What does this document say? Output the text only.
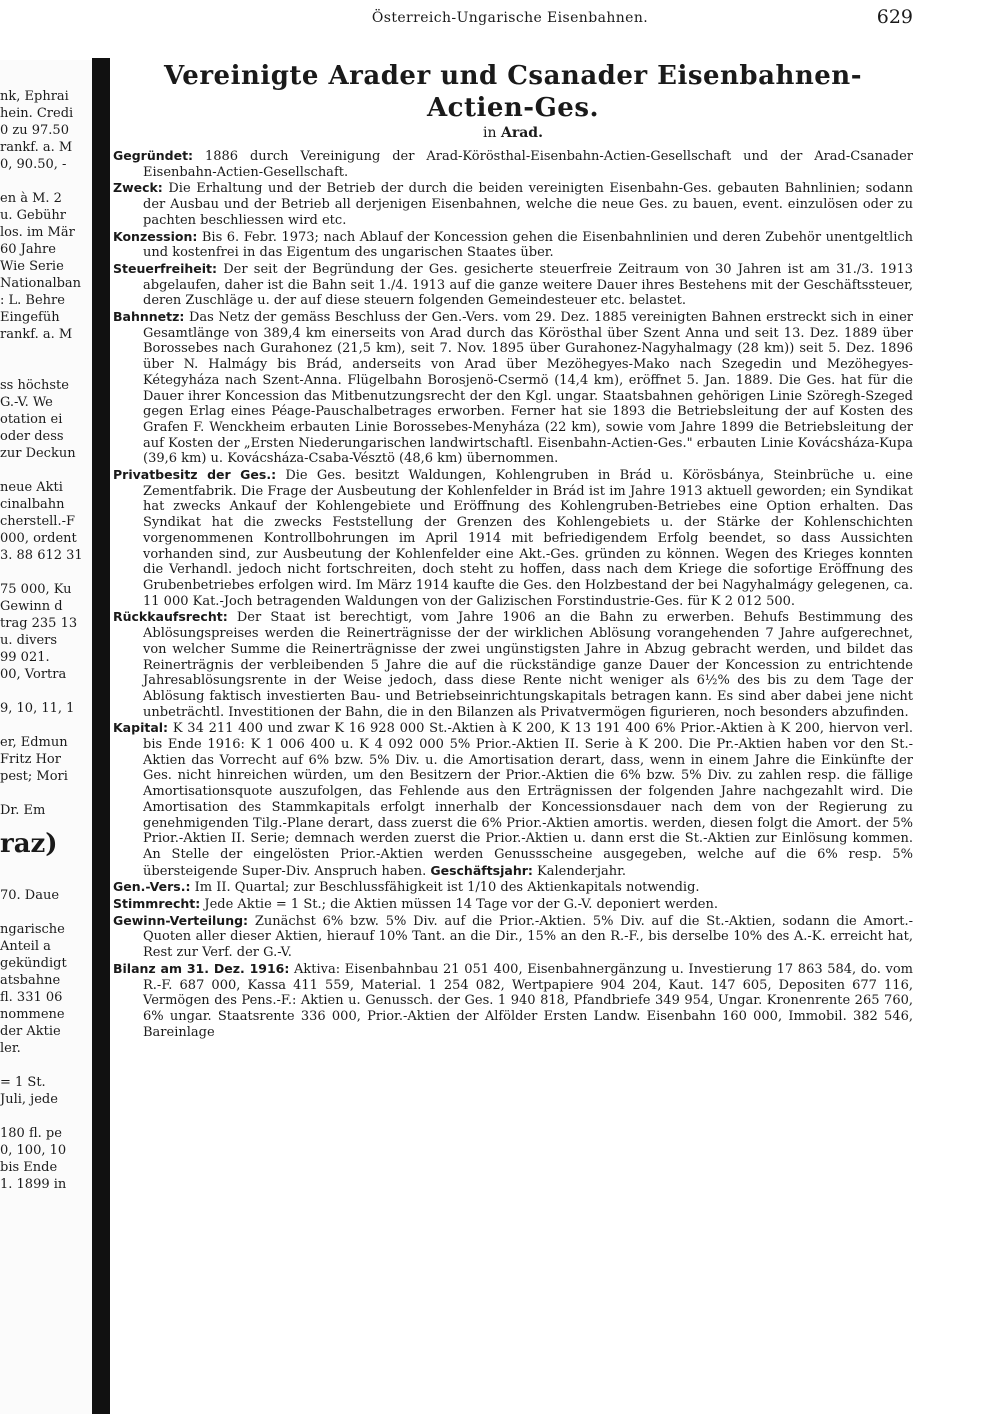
Österreich-Ungarische Eisenbahnen.	629
nk, Ephrai
hein. Credi
0 zu 97.50
rankf. a. M
0, 90.50, -
en à M. 2
u. Gebühr
los. im Mär
60 Jahre
Wie Serie
Nationalban
: L. Behre
Eingefüh
rankf. a. M
ss höchste
G.-V. We
otation ei
oder dess
zur Deckun
neue Akti
cinalbahn
cherstell.-F
000, ordent
3. 88 612 31
75 000, Ku
Gewinn d
trag 235 13
u. divers
99 021.
00, Vortra
9, 10, 11, 1
er, Edmun
Fritz Hor
pest; Mori
Dr. Em
raz)
70. Daue
ngarische
Anteil a
gekündigt
atsbahne
fl. 331 06
nommene
der Aktie
ler.
= 1 St.
Juli, jede
180 fl. pe
0, 100, 10
bis Ende
1. 1899 in
Vereinigte Arader und Csanader Eisenbahnen-Actien-Ges.

in Arad.

Gegründet: 1886 durch Vereinigung der Arad-Körösthal-Eisenbahn-Actien-Gesellschaft und der Arad-Csanader Eisenbahn-Actien-Gesellschaft.

Zweck: Die Erhaltung und der Betrieb der durch die beiden vereinigten Eisenbahn-Ges. gebauten Bahnlinien; sodann der Ausbau und der Betrieb all derjenigen Eisenbahnen, welche die neue Ges. zu bauen, event. einzulösen oder zu pachten beschliessen wird etc.

Konzession: Bis 6. Febr. 1973; nach Ablauf der Koncession gehen die Eisenbahnlinien und deren Zubehör unentgeltlich und kostenfrei in das Eigentum des ungarischen Staates über.

Steuerfreiheit: Der seit der Begründung der Ges. gesicherte steuerfreie Zeitraum von 30 Jahren ist am 31./3. 1913 abgelaufen, daher ist die Bahn seit 1./4. 1913 auf die ganze weitere Dauer ihres Bestehens mit der Geschäftssteuer, deren Zuschläge u. der auf diese steuern folgenden Gemeindesteuer etc. belastet.

Bahnnetz: Das Netz der gemäss Beschluss der Gen.-Vers. vom 29. Dez. 1885 vereinigten Bahnen erstreckt sich in einer Gesamtlänge von 389,4 km einerseits von Arad durch das Körösthal über Szent Anna und seit 13. Dez. 1889 über Borossebes nach Gurahonez (21,5 km), seit 7. Nov. 1895 über Gurahonez-Nagyhalmagy (28 km)) seit 5. Dez. 1896 über N. Halmágy bis Brád, anderseits von Arad über Mezöhegyes-Mako nach Szegedin und Mezöhegyes-Kétegyháza nach Szent-Anna. Flügelbahn Borosjenö-Csermö (14,4 km), eröffnet 5. Jan. 1889. Die Ges. hat für die Dauer ihrer Koncession das Mitbenutzungsrecht der den Kgl. ungar. Staatsbahnen gehörigen Linie Szöregh-Szeged gegen Erlag eines Péage-Pauschalbetrages erworben. Ferner hat sie 1893 die Betriebsleitung der auf Kosten des Grafen F. Wenckheim erbauten Linie Borossebes-Menyháza (22 km), sowie vom Jahre 1899 die Betriebsleitung der auf Kosten der „Ersten Niederungarischen landwirtschaftl. Eisenbahn-Actien-Ges." erbauten Linie Kovácsháza-Kupa (39,6 km) u. Kovácsháza-Csaba-Vésztö (48,6 km) übernommen.

Privatbesitz der Ges.: Die Ges. besitzt Waldungen, Kohlengruben in Brád u. Körösbánya, Steinbrüche u. eine Zementfabrik. Die Frage der Ausbeutung der Kohlenfelder in Brád ist im Jahre 1913 aktuell geworden; ein Syndikat hat zwecks Ankauf der Kohlengebiete und Eröffnung des Kohlengruben-Betriebes eine Option erhalten. Das Syndikat hat die zwecks Feststellung der Grenzen des Kohlengebiets u. der Stärke der Kohlenschichten vorgenommenen Kontrollbohrungen im April 1914 mit befriedigendem Erfolg beendet, so dass Aussichten vorhanden sind, zur Ausbeutung der Kohlenfelder eine Akt.-Ges. gründen zu können. Wegen des Krieges konnten die Verhandl. jedoch nicht fortschreiten, doch steht zu hoffen, dass nach dem Kriege die sofortige Eröffnung des Grubenbetriebes erfolgen wird. Im März 1914 kaufte die Ges. den Holzbestand der bei Nagyhalmágy gelegenen, ca. 11 000 Kat.-Joch betragenden Waldungen von der Galizischen Forstindustrie-Ges. für K 2 012 500.

Rückkaufsrecht: Der Staat ist berechtigt, vom Jahre 1906 an die Bahn zu erwerben. Behufs Bestimmung des Ablösungspreises werden die Reinerträgnisse der der wirklichen Ablösung vorangehenden 7 Jahre aufgerechnet, von welcher Summe die Reinerträgnisse der zwei ungünstigsten Jahre in Abzug gebracht werden, und bildet das Reinerträgnis der verbleibenden 5 Jahre die auf die rückständige ganze Dauer der Koncession zu entrichtende Jahresablösungsrente in der Weise jedoch, dass diese Rente nicht weniger als 6½% des bis zu dem Tage der Ablösung faktisch investierten Bau- und Betriebseinrichtungskapitals betragen kann. Es sind aber dabei jene nicht unbeträchtl. Investitionen der Bahn, die in den Bilanzen als Privatvermögen figurieren, noch besonders abzufinden.

Kapital: K 34 211 400 und zwar K 16 928 000 St.-Aktien à K 200, K 13 191 400 6% Prior.-Aktien à K 200, hiervon verl. bis Ende 1916: K 1 006 400 u. K 4 092 000 5% Prior.-Aktien II. Serie à K 200. Die Pr.-Aktien haben vor den St.-Aktien das Vorrecht auf 6% bzw. 5% Div. u. die Amortisation derart, dass, wenn in einem Jahre die Einkünfte der Ges. nicht hinreichen würden, um den Besitzern der Prior.-Aktien die 6% bzw. 5% Div. zu zahlen resp. die fällige Amortisationsquote auszufolgen, das Fehlende aus den Erträgnissen der folgenden Jahre nachgezahlt wird. Die Amortisation des Stammkapitals erfolgt innerhalb der Koncessionsdauer nach dem von der Regierung zu genehmigenden Tilg.-Plane derart, dass zuerst die 6% Prior.-Aktien amortis. werden, diesen folgt die Amort. der 5% Prior.-Aktien II. Serie; demnach werden zuerst die Prior.-Aktien u. dann erst die St.-Aktien zur Einlösung kommen. An Stelle der eingelösten Prior.-Aktien werden Genussscheine ausgegeben, welche auf die 6% resp. 5% übersteigende Super-Div. Anspruch haben. Geschäftsjahr: Kalenderjahr.

Gen.-Vers.: Im II. Quartal; zur Beschlussfähigkeit ist 1/10 des Aktienkapitals notwendig.

Stimmrecht: Jede Aktie = 1 St.; die Aktien müssen 14 Tage vor der G.-V. deponiert werden.

Gewinn-Verteilung: Zunächst 6% bzw. 5% Div. auf die Prior.-Aktien. 5% Div. auf die St.-Aktien, sodann die Amort.-Quoten aller dieser Aktien, hierauf 10% Tant. an die Dir., 15% an den R.-F., bis derselbe 10% des A.-K. erreicht hat, Rest zur Verf. der G.-V.

Bilanz am 31. Dez. 1916: Aktiva: Eisenbahnbau 21 051 400, Eisenbahnergänzung u. Investierung 17 863 584, do. vom R.-F. 687 000, Kassa 411 559, Material. 1 254 082, Wertpapiere 904 204, Kaut. 147 605, Depositen 677 116, Vermögen des Pens.-F.: Aktien u. Genussch. der Ges. 1 940 818, Pfandbriefe 349 954, Ungar. Kronenrente 265 760, 6% ungar. Staatsrente 336 000, Prior.-Aktien der Alfölder Ersten Landw. Eisenbahn 160 000, Immobil. 382 546, Bareinlage
